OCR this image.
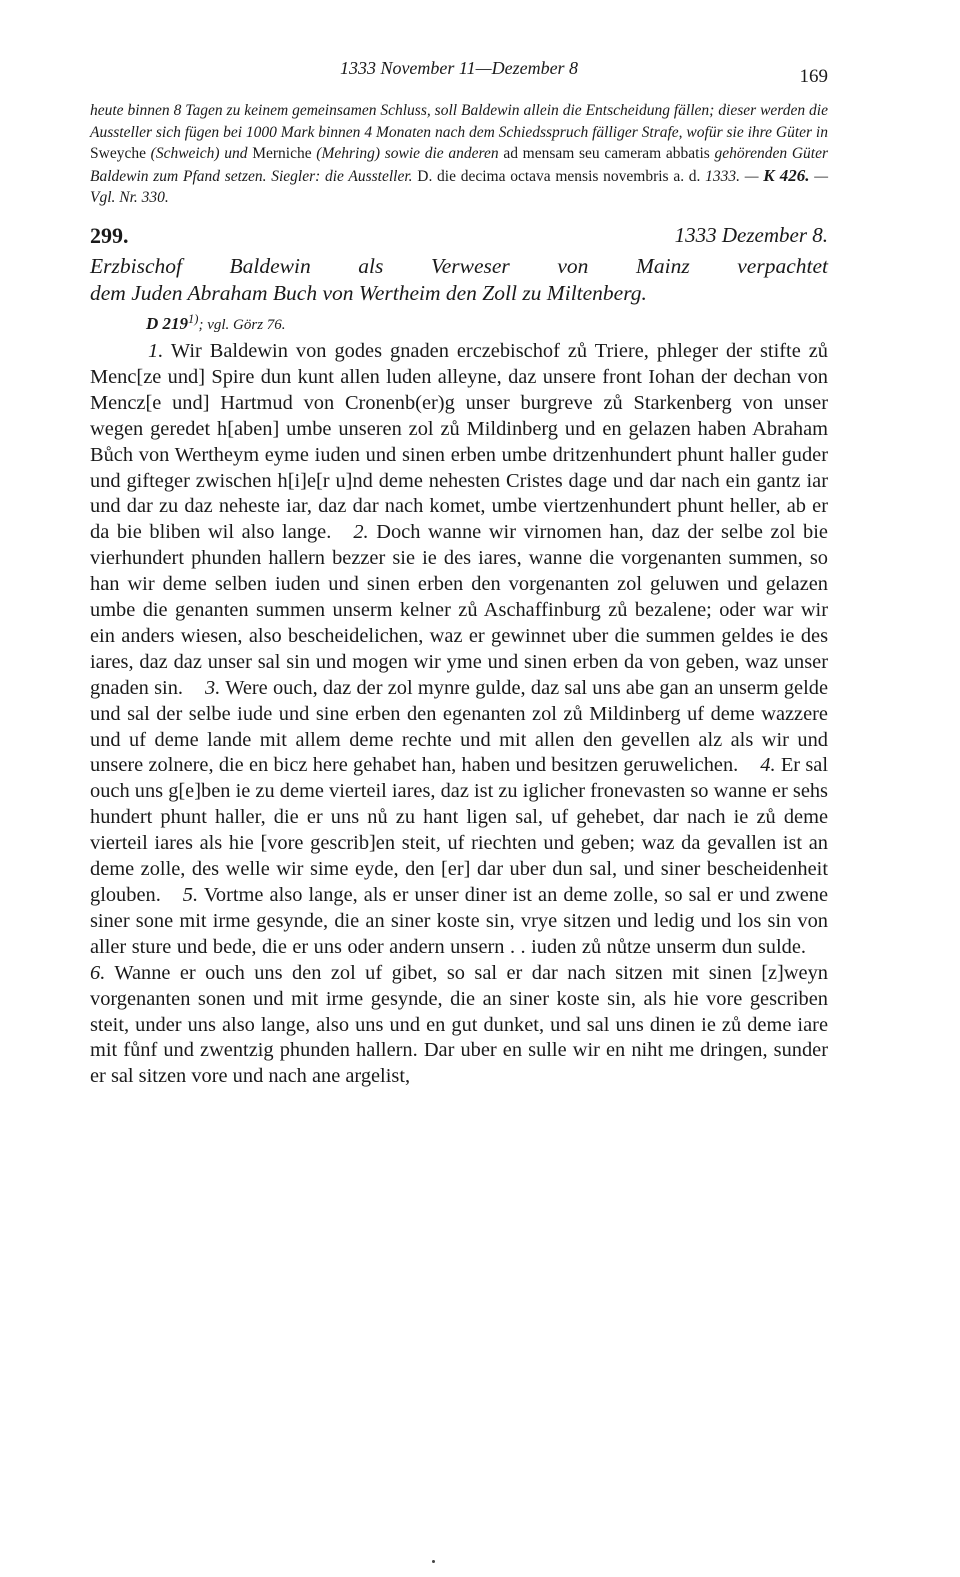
1333 November 11—Dezember 8	169
heute binnen 8 Tagen zu keinem gemeinsamen Schluss, soll Baldewin allein die Entscheidung fällen; dieser werden die Aussteller sich fügen bei 1000 Mark binnen 4 Monaten nach dem Schiedsspruch fälliger Strafe, wofür sie ihre Güter in Sweyche (Schweich) und Merniche (Mehring) sowie die anderen ad mensam seu cameram abbatis gehörenden Güter Baldewin zum Pfand setzen. Siegler: die Aussteller. D. die decima octava mensis novembris a. d. 1333. — K 426. — Vgl. Nr. 330.
299.	1333 Dezember 8.

Erzbischof Baldewin als Verweser von Mainz verpachtet

dem Juden Abraham Buch von Wertheim den Zoll zu Miltenberg.

D 219$^{1)}$; vgl. Görz 76.

1. Wir Baldewin von godes gnaden erczebischof zů Triere, phleger der stifte zů Menc[ze und] Spire dun kunt allen luden alleyne, daz unsere front Iohan der dechan von Mencz[e und] Hartmud von Cronenb(er)g unser burgreve zů Starkenberg von unser wegen geredet h[aben] umbe unseren zol zů Mildinberg und en gelazen haben Abraham Bůch von Wertheym eyme iuden und sinen erben umbe dritzenhundert phunt haller guder und gifteger zwischen h[i]e[r u]nd deme nehesten Cristes dage und dar nach ein gantz iar und dar zu daz neheste iar, daz dar nach komet, umbe viertzenhundert phunt heller, ab er da bie bliben wil also lange. 2. Doch wanne wir virnomen han, daz der selbe zol bie vierhundert phunden hallern bezzer sie ie des iares, wanne die vorgenanten summen, so han wir deme selben iuden und sinen erben den vorgenanten zol geluwen und gelazen umbe die genanten summen unserm kelner zů Aschaffinburg zů bezalene; oder war wir ein anders wiesen, also bescheidelichen, waz er gewinnet uber die summen geldes ie des iares, daz daz unser sal sin und mogen wir yme und sinen erben da von geben, waz unser gnaden sin. 3. Were ouch, daz der zol mynre gulde, daz sal uns abe gan an unserm gelde und sal der selbe iude und sine erben den egenanten zol zů Mildinberg uf deme wazzere und uf deme lande mit allem deme rechte und mit allen den gevellen alz als wir und unsere zolnere, die en bicz here gehabet han, haben und besitzen geruwelichen. 4. Er sal ouch uns g[e]ben ie zu deme vierteil iares, daz ist zu iglicher fronevasten so wanne er sehs hundert phunt haller, die er uns nů zu hant ligen sal, uf gehebet, dar nach ie zů deme vierteil iares als hie [vore gescrib]en steit, uf riechten und geben; waz da gevallen ist an deme zolle, des welle wir sime eyde, den [er] dar uber dun sal, und siner bescheidenheit glouben. 5. Vortme also lange, als er unser diner ist an deme zolle, so sal er und zwene siner sone mit irme gesynde, die an siner koste sin, vrye sitzen und ledig und los sin von aller sture und bede, die er uns oder andern unsern . . iuden zů nůtze unserm dun sulde.6. Wanne er ouch uns den zol uf gibet, so sal er dar nach sitzen mit sinen [z]weyn vorgenanten sonen und mit irme gesynde, die an siner koste sin, als hie vore gescriben steit, under uns also lange, also uns und en gut dunket, und sal uns dinen ie zů deme iare mit fůnf und zwentzig phunden hallern. Dar uber en sulle wir en niht me dringen, sunder er sal sitzen vore und nach ane argelist,
